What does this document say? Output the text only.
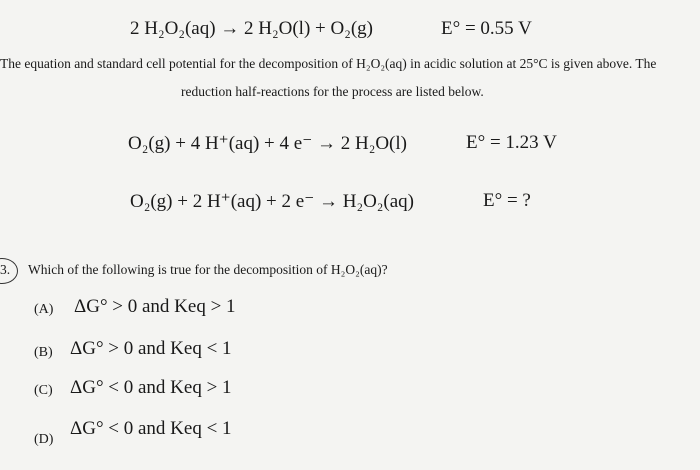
2 H₂O₂(aq) → 2 H₂O(l) + O₂(g)	E° = 0.55 V
The equation and standard cell potential for the decomposition of H₂O₂(aq) in acidic solution at 25°C is given above. The
reduction half-reactions for the process are listed below.
O₂(g) + 4 H⁺(aq) + 4 e⁻ → 2 H₂O(l)	E° = 1.23 V
O₂(g) + 2 H⁺(aq) + 2 e⁻ → H₂O₂(aq)	E° = ?
3. Which of the following is true for the decomposition of H₂O₂(aq)?
(A) ΔG° > 0 and Keq > 1
(B) ΔG° > 0 and Keq < 1
(C) ΔG° < 0 and Keq > 1
(D)
ΔG° < 0 and Keq < 1
